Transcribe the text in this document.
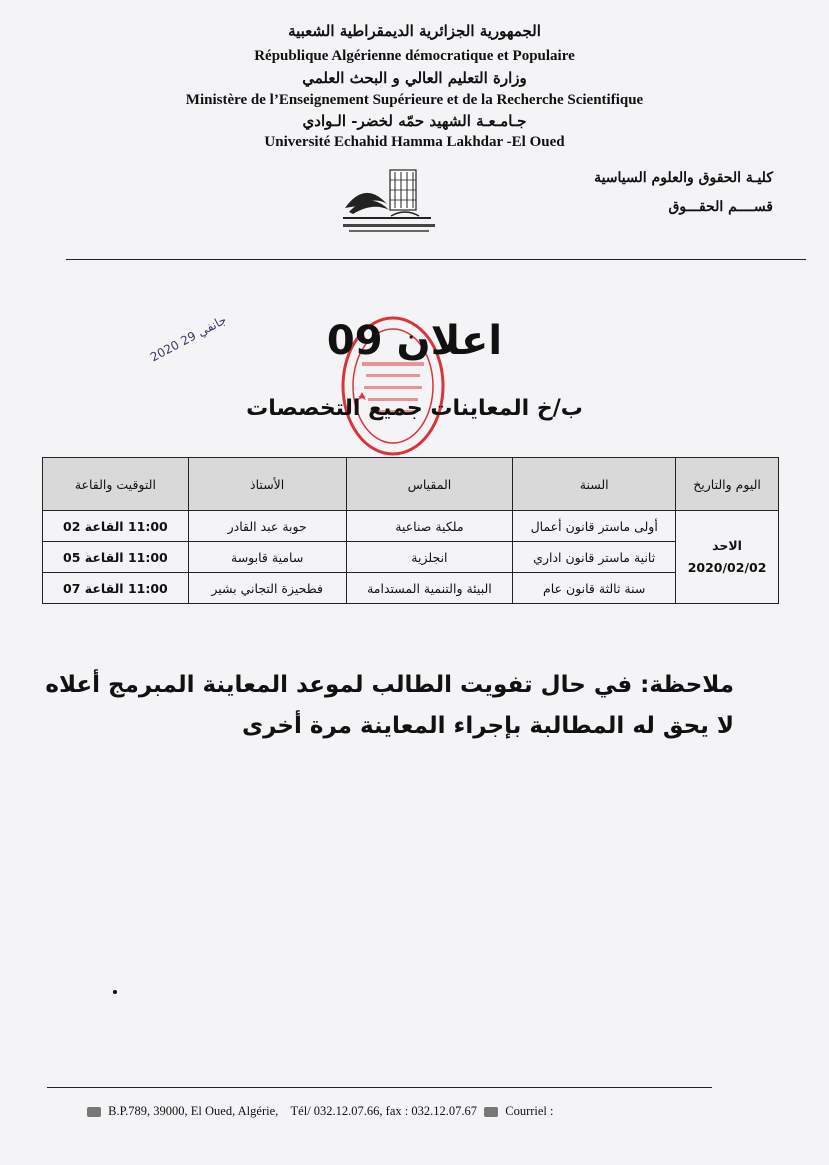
الجمهورية الجزائرية الديمقراطية الشعبية
République Algérienne démocratique et Populaire
وزارة التعليم العالي و البحث العلمي
Ministère de l’Enseignement Supérieure et de la Recherche Scientifique
جـامـعـة الشهيد حمّه لخضر- الـوادي
Université Echahid Hamma Lakhdar -El Oued
كليـة الحقوق والعلوم السياسية
قســــم الحقـــوق
2020 جانفي 29	اعلان 09
ب/خ المعاينات جميع التخصصات
اليوم والتاريخ	السنة	المقياس	الأستاذ	التوقيت والقاعة

الاحد
2020/02/02	أولى ماستر قانون أعمال	ملكية صناعية	حوبة عبد القادر	11:00 القاعة 02
	ثانية ماستر قانون اداري	انجلزية	سامية قابوسة	11:00 القاعة 05
	سنة ثالثة قانون عام	البيئة والتنمية المستدامة	فطحيزة التجاني بشير	11:00 القاعة 07
ملاحظة: في حال تفويت الطالب لموعد المعاينة المبرمج أعلاه لا يحق له المطالبة بإجراء المعاينة مرة أخرى
B.P.789, 39000, El Oued, Algérie, Tél/ 032.12.07.66, fax : 032.12.07.67 Courriel :
